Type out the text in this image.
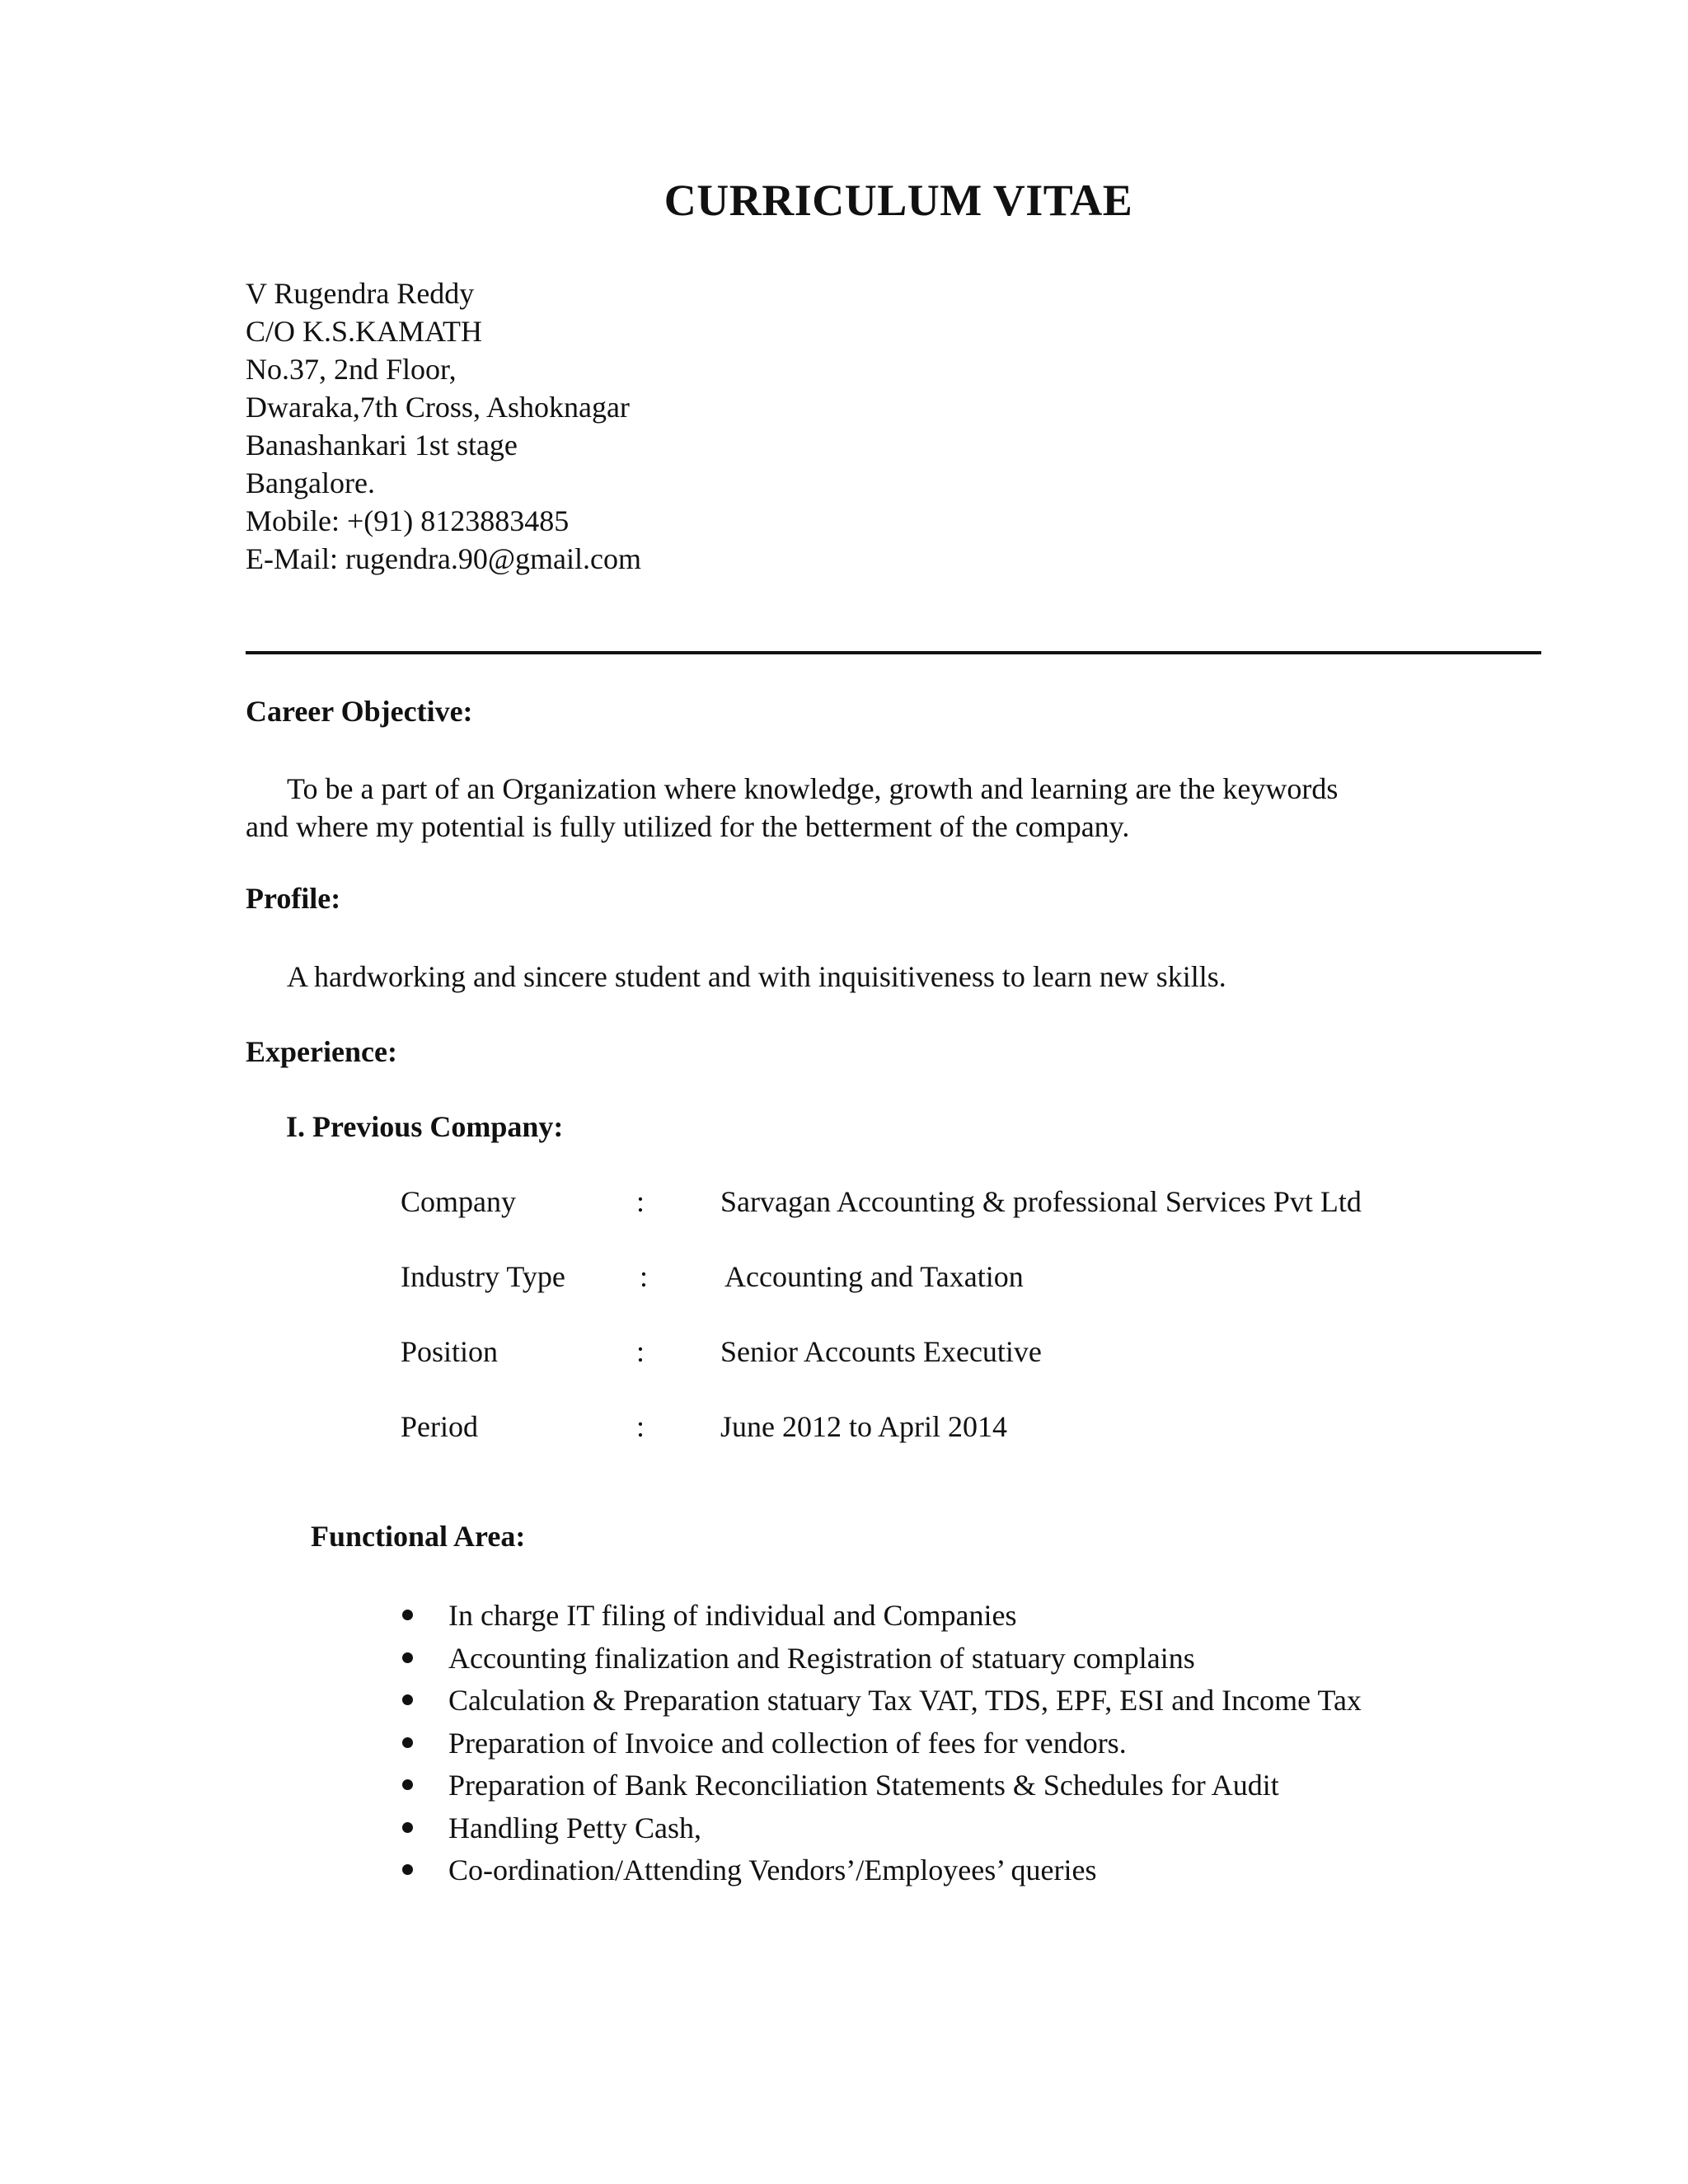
CURRICULUM VITAE
V Rugendra Reddy
C/O K.S.KAMATH
No.37, 2nd Floor,
Dwaraka,7th Cross, Ashoknagar
Banashankari 1st stage
Bangalore.
Mobile: +(91) 8123883485
E-Mail: rugendra.90@gmail.com
Career Objective:
To be a part of an Organization where knowledge, growth and learning are the keywords
and where my potential is fully utilized for the betterment of the company.
Profile:
A hardworking and sincere student and with inquisitiveness to learn new skills.
Experience:
I. Previous Company:
Company	:	Sarvagan Accounting & professional Services Pvt Ltd
Industry Type	:	Accounting and Taxation
Position	:	Senior Accounts Executive
Period	:	June 2012 to April 2014
Functional Area:
In charge IT filing of individual and Companies
Accounting finalization and Registration of statuary complains
Calculation & Preparation statuary Tax VAT, TDS, EPF, ESI and Income Tax
Preparation of Invoice and collection of fees for vendors.
Preparation of Bank Reconciliation Statements & Schedules for Audit
Handling Petty Cash,
Co-ordination/Attending Vendors’/Employees’ queries
